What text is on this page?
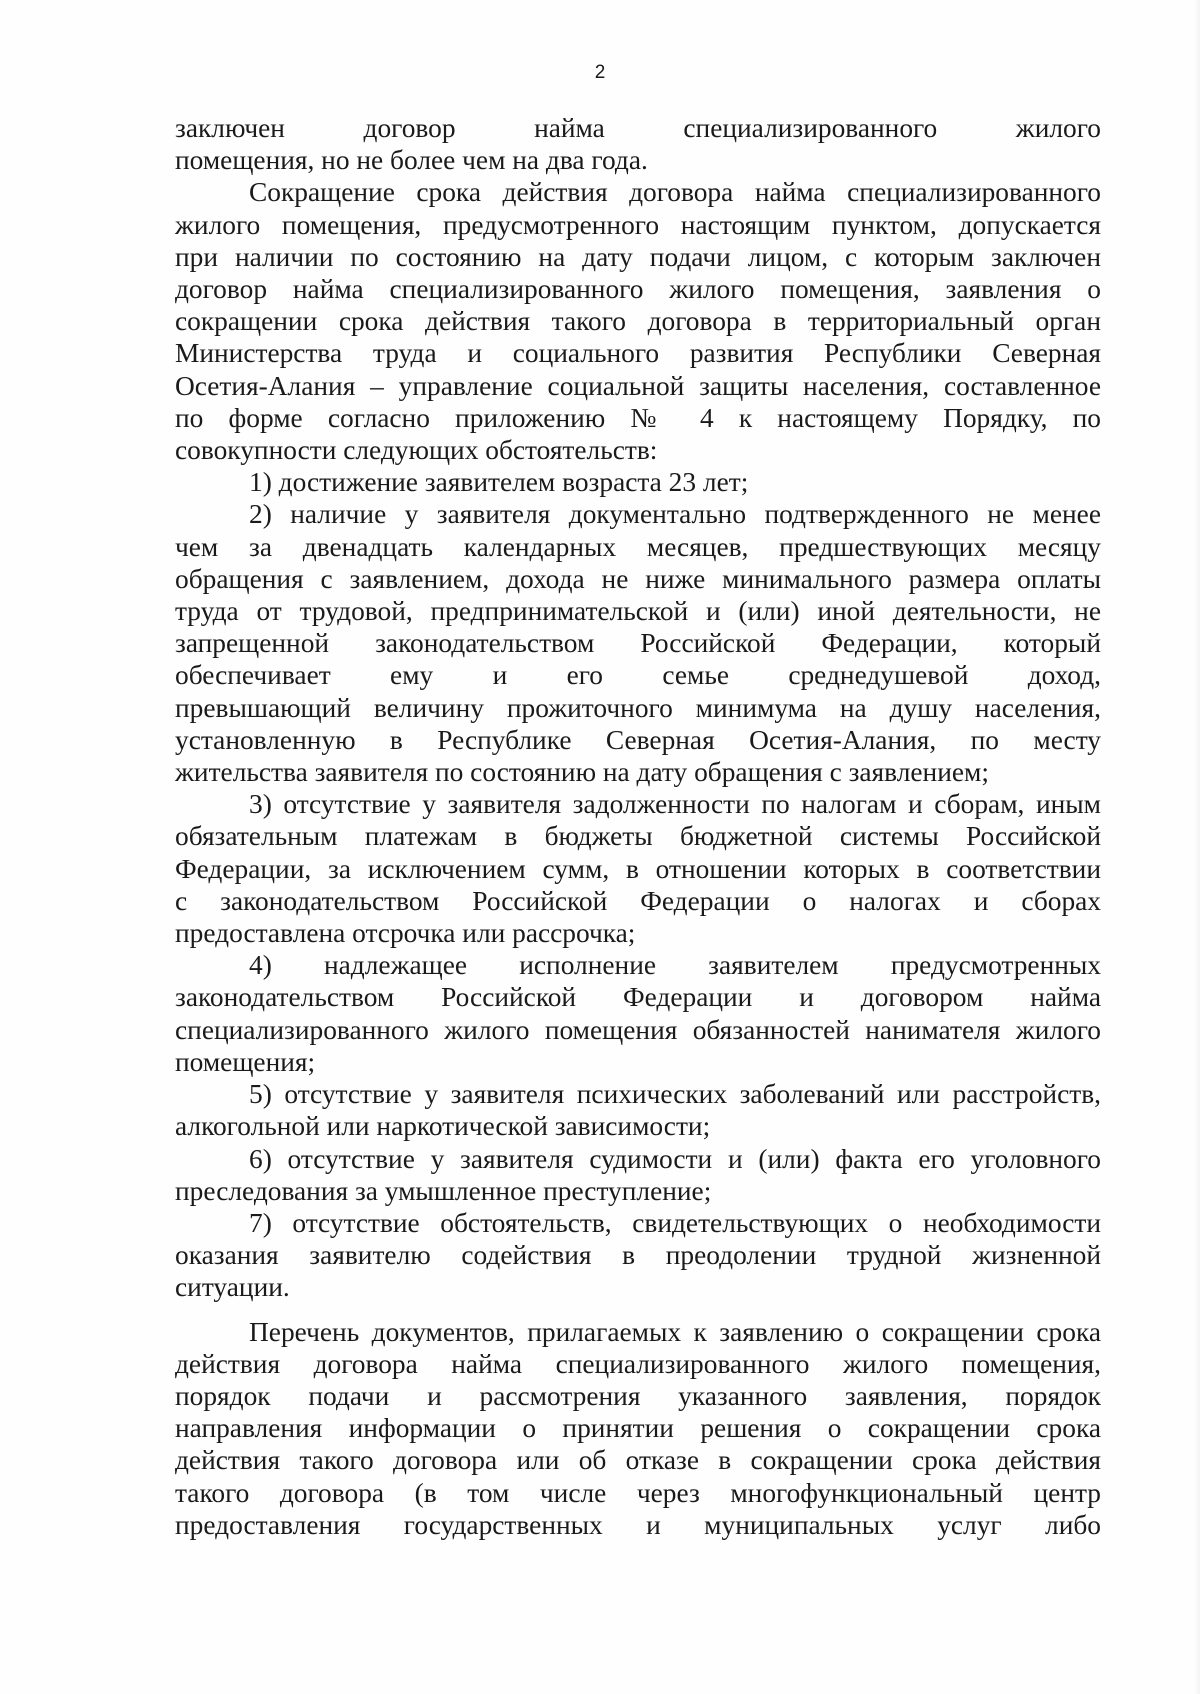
2
заключен договор найма специализированного жилого
помещения, но не более чем на два года.
Сокращение срока действия договора найма специализированного
жилого помещения, предусмотренного настоящим пунктом, допускается
при наличии по состоянию на дату подачи лицом, с которым заключен
договор найма специализированного жилого помещения, заявления о
сокращении срока действия такого договора в территориальный орган
Министерства труда и социального развития Республики Северная
Осетия-Алания – управление социальной защиты населения, составленное
по форме согласно приложению № 4 к настоящему Порядку, по
совокупности следующих обстоятельств:
1) достижение заявителем возраста 23 лет;
2) наличие у заявителя документально подтвержденного не менее
чем за двенадцать календарных месяцев, предшествующих месяцу
обращения с заявлением, дохода не ниже минимального размера оплаты
труда от трудовой, предпринимательской и (или) иной деятельности, не
запрещенной законодательством Российской Федерации, который
обеспечивает ему и его семье среднедушевой доход,
превышающий величину прожиточного минимума на душу населения,
установленную в Республике Северная Осетия-Алания, по месту
жительства заявителя по состоянию на дату обращения с заявлением;
3) отсутствие у заявителя задолженности по налогам и сборам, иным
обязательным платежам в бюджеты бюджетной системы Российской
Федерации, за исключением сумм, в отношении которых в соответствии
с законодательством Российской Федерации о налогах и сборах
предоставлена отсрочка или рассрочка;
4) надлежащее исполнение заявителем предусмотренных
законодательством Российской Федерации и договором найма
специализированного жилого помещения обязанностей нанимателя жилого
помещения;
5) отсутствие у заявителя психических заболеваний или расстройств,
алкогольной или наркотической зависимости;
6) отсутствие у заявителя судимости и (или) факта его уголовного
преследования за умышленное преступление;
7) отсутствие обстоятельств, свидетельствующих о необходимости
оказания заявителю содействия в преодолении трудной жизненной
ситуации.
Перечень документов, прилагаемых к заявлению о сокращении срока
действия договора найма специализированного жилого помещения,
порядок подачи и рассмотрения указанного заявления, порядок
направления информации о принятии решения о сокращении срока
действия такого договора или об отказе в сокращении срока действия
такого договора (в том числе через многофункциональный центр
предоставления государственных и муниципальных услуг либо
